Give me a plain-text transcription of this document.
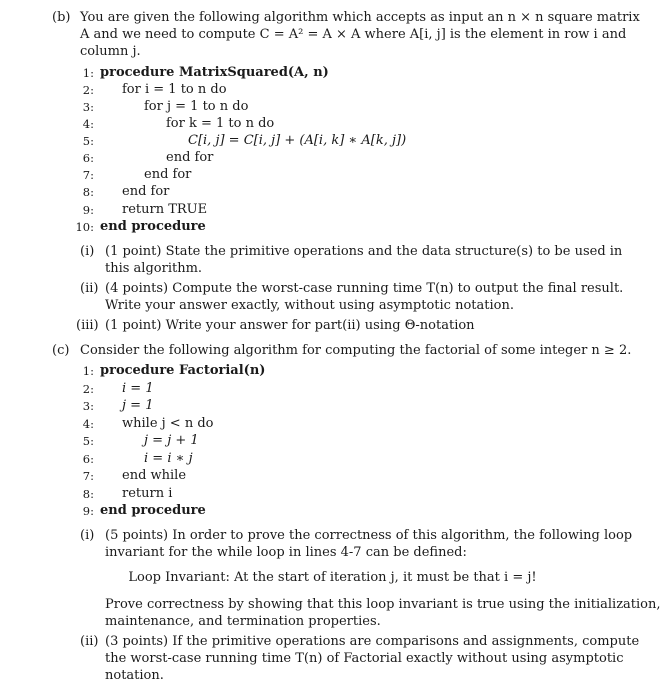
(b) You are given the following algorithm which accepts as input an n × n square matrix
A and we need to compute C = A² = A × A where A[i, j] is the element in row i and
column j.
1: procedure MatrixSquared(A, n)
2: for i = 1 to n do
3:	for j = 1 to n do
4:	for k = 1 to n do
5:	C[i, j] = C[i, j] + (A[i, k] ∗ A[k, j])
6:	end for
7:	end for
8: end for
9: return TRUE
10: end procedure
(i) (1 point) State the primitive operations and the data structure(s) to be used in
this algorithm.
(ii) (4 points) Compute the worst-case running time T(n) to output the final result.
Write your answer exactly, without using asymptotic notation.
(iii) (1 point) Write your answer for part(ii) using Θ-notation
(c) Consider the following algorithm for computing the factorial of some integer n ≥ 2.
1: procedure Factorial(n)
2: i = 1
3: j = 1
4: while j < n do
5:	j = j + 1
6:	i = i ∗ j
7: end while
8: return i
9: end procedure
(i) (5 points) In order to prove the correctness of this algorithm, the following loop
invariant for the while loop in lines 4-7 can be defined:
Loop Invariant: At the start of iteration j, it must be that i = j!
Prove correctness by showing that this loop invariant is true using the initialization,
maintenance, and termination properties.
(ii) (3 points) If the primitive operations are comparisons and assignments, compute
the worst-case running time T(n) of Factorial exactly without using asymptotic
notation.
